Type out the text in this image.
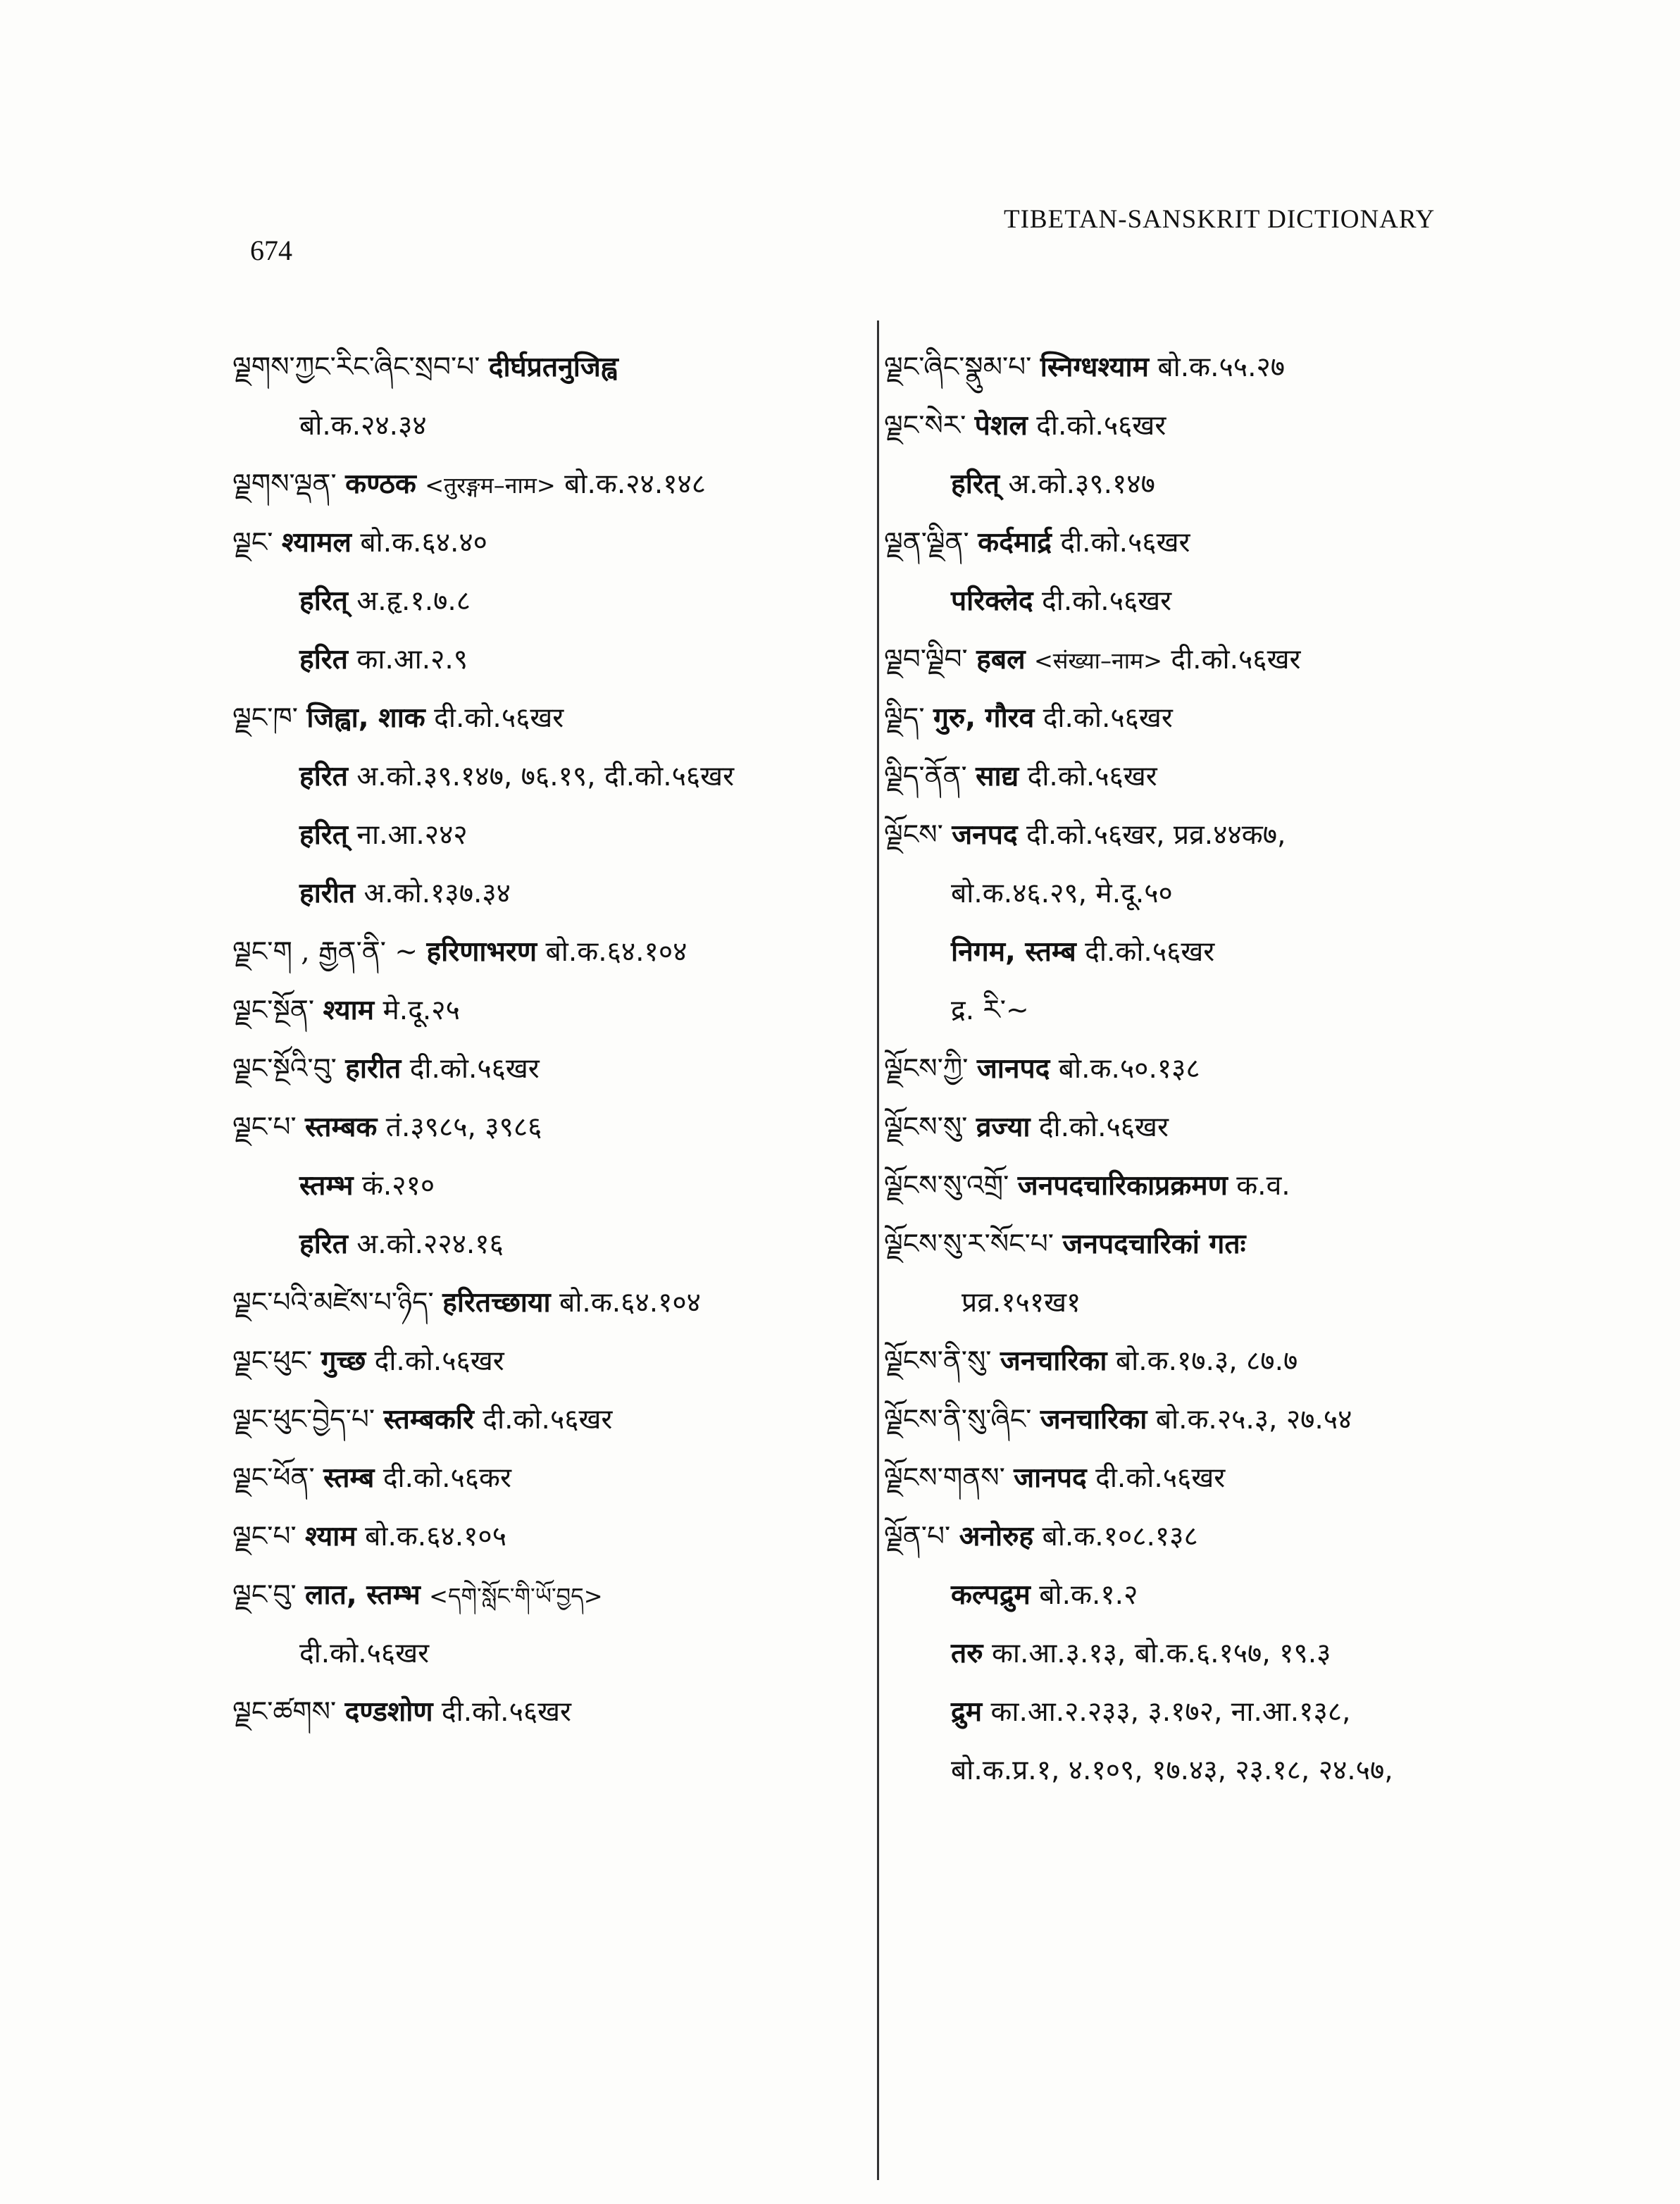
674
TIBETAN-SANSKRIT DICTIONARY
ལྗགས་ཀྱང་རིང་ཞིང་སྲབ་པ་ दीर्घप्रतनुजिह्व
बो.क.२४.३४
ལྗགས་ལྡན་ कण्ठक <तुरङ्गम–नाम> बो.क.२४.१४८
ལྗང་ श्यामल बो.क.६४.४०
हरित् अ.हृ.१.७.८
हरित का.आ.२.९
ལྗང་ཁ་ जिह्वा, शाक दी.को.५६खर
हरित अ.को.३९.१४७, ७६.१९, दी.को.५६खर
हरित् ना.आ.२४२
हारीत अ.को.१३७.३४
ལྗང་ག , རྒྱན་ནི་ ~ हरिणाभरण बो.क.६४.१०४
ལྗང་སྔོན་ श्याम मे.दू.२५
ལྗང་སྔོའི་བུ་ हारीत दी.को.५६खर
ལྗང་པ་ स्तम्बक तं.३९८५, ३९८६
स्तम्भ कं.२१०
हरित अ.को.२२४.१६
ལྗང་པའི་མཛེས་པ་ཉིད་ हरितच्छाया बो.क.६४.१०४
ལྗང་ཕུང་ गुच्छ दी.को.५६खर
ལྗང་ཕུང་བྱེད་པ་ स्तम्बकरि दी.को.५६खर
ལྗང་ཕོན་ स्तम्ब दी.को.५६कर
ལྗང་པ་ श्याम बो.क.६४.१०५
ལྗང་བུ་ लात, स्तम्भ <དགེ་སློང་གི་ཡོ་བྱད>
दी.को.५६खर
ལྗང་ཚགས་ दण्डशोण दी.को.५६खर
ལྗང་ཞིང་སྣུམ་པ་ स्निग्धश्याम बो.क.५५.२७
ལྗང་སེར་ पेशल दी.को.५६खर
हरित् अ.को.३९.१४७
ལྗན་ལྗིན་ कर्दमार्द्र दी.को.५६खर
परिक्लेद दी.को.५६खर
ལྗབ་ལྗིབ་ हबल <संख्या–नाम> दी.को.५६खर
ལྗིད་ गुरु, गौरव दी.को.५६खर
ལྗིད་ནོན་ साद्य दी.को.५६खर
ལྗོངས་ जनपद दी.को.५६खर, प्रव्र.४४क७,
बो.क.४६.२९, मे.दू.५०
निगम, स्तम्ब दी.को.५६खर
द्र. རི་~
ལྗོངས་ཀྱི་ जानपद बो.क.५०.१३८
ལྗོངས་སུ་ व्रज्या दी.को.५६खर
ལྗོངས་སུ་འགྲོ་ जनपदचारिकाप्रक्रमण क.व.
ལྗོངས་སུ་ར་སོང་པ་ जनपदचारिकां गतः
प्रव्र.१५१ख१
ལྗོངས་ནི་སུ་ जनचारिका बो.क.१७.३, ८७.७
ལྗོངས་ནི་སུ་ཞིང་ जनचारिका बो.क.२५.३, २७.५४
ལྗོངས་གནས་ जानपद दी.को.५६खर
ལྗོན་པ་ अनोरुह बो.क.१०८.१३८
कल्पद्रुम बो.क.१.२
तरु का.आ.३.१३, बो.क.६.१५७, १९.३
द्रुम का.आ.२.२३३, ३.१७२, ना.आ.१३८,
बो.क.प्र.१, ४.१०९, १७.४३, २३.१८, २४.५७,
